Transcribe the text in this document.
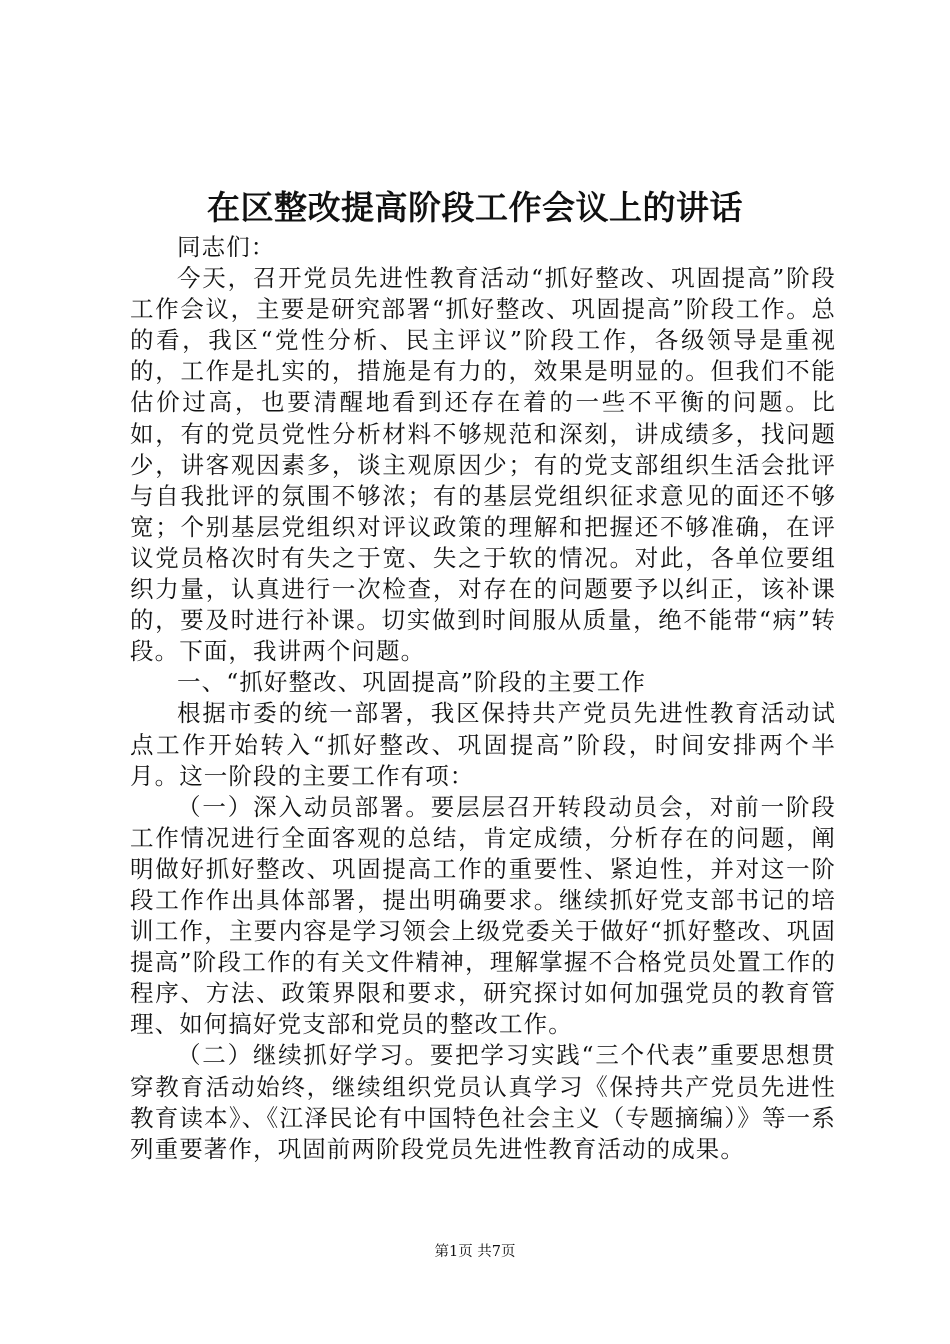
在区整改提高阶段工作会议上的讲话

同志们：

今天，召开党员先进性教育活动“抓好整改、巩固提高”阶段工作会议，主要是研究部署“抓好整改、巩固提高”阶段工作。总的看，我区“党性分析、民主评议”阶段工作，各级领导是重视的，工作是扎实的，措施是有力的，效果是明显的。但我们不能估价过高，也要清醒地看到还存在着的一些不平衡的问题。比如，有的党员党性分析材料不够规范和深刻，讲成绩多，找问题少，讲客观因素多，谈主观原因少；有的党支部组织生活会批评与自我批评的氛围不够浓；有的基层党组织征求意见的面还不够宽；个别基层党组织对评议政策的理解和把握还不够准确，在评议党员格次时有失之于宽、失之于软的情况。对此，各单位要组织力量，认真进行一次检查，对存在的问题要予以纠正，该补课的，要及时进行补课。切实做到时间服从质量，绝不能带“病”转段。下面，我讲两个问题。

一、“抓好整改、巩固提高”阶段的主要工作

根据市委的统一部署，我区保持共产党员先进性教育活动试点工作开始转入“抓好整改、巩固提高”阶段，时间安排两个半月。这一阶段的主要工作有项：

（一）深入动员部署。要层层召开转段动员会，对前一阶段工作情况进行全面客观的总结，肯定成绩，分析存在的问题，阐明做好抓好整改、巩固提高工作的重要性、紧迫性，并对这一阶段工作作出具体部署，提出明确要求。继续抓好党支部书记的培训工作，主要内容是学习领会上级党委关于做好“抓好整改、巩固提高”阶段工作的有关文件精神，理解掌握不合格党员处置工作的程序、方法、政策界限和要求，研究探讨如何加强党员的教育管理、如何搞好党支部和党员的整改工作。

（二）继续抓好学习。要把学习实践“三个代表”重要思想贯穿教育活动始终，继续组织党员认真学习《保持共产党员先进性教育读本》、《江泽民论有中国特色社会主义（专题摘编）》等一系列重要著作，巩固前两阶段党员先进性教育活动的成果。

第1页 共7页
